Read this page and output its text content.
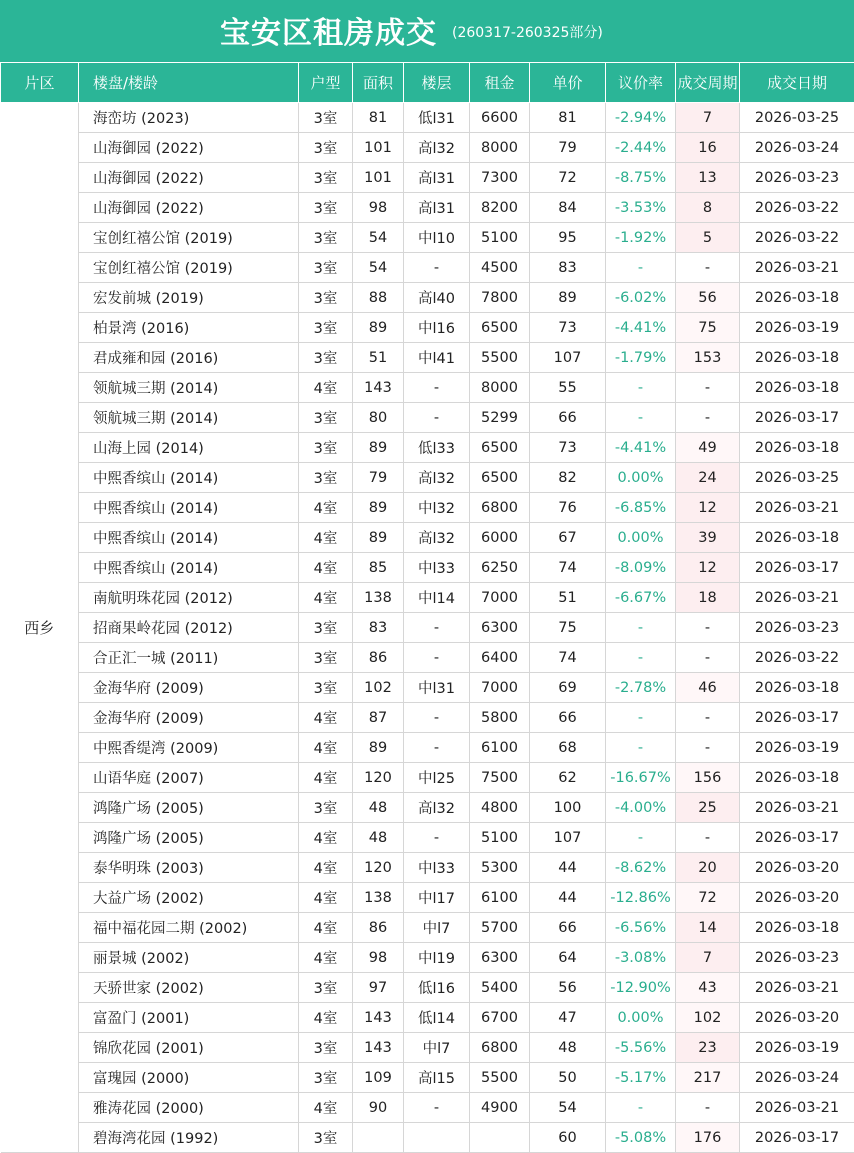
宝安区租房成交 (260317-260325部分)
片区	楼盘/楼龄	户型	面积	楼层	租金	单价	议价率	成交周期	成交日期
西乡	海峦坊 (2023)	3室	81	低l31	6600	81	-2.94%	7	2026-03-25
	山海御园 (2022)	3室	101	高l32	8000	79	-2.44%	16	2026-03-24
	山海御园 (2022)	3室	101	高l31	7300	72	-8.75%	13	2026-03-23
	山海御园 (2022)	3室	98	高l31	8200	84	-3.53%	8	2026-03-22
	宝创红禧公馆 (2019)	3室	54	中l10	5100	95	-1.92%	5	2026-03-22
	宝创红禧公馆 (2019)	3室	54	-	4500	83	-	-	2026-03-21
	宏发前城 (2019)	3室	88	高l40	7800	89	-6.02%	56	2026-03-18
	柏景湾 (2016)	3室	89	中l16	6500	73	-4.41%	75	2026-03-19
	君成雍和园 (2016)	3室	51	中l41	5500	107	-1.79%	153	2026-03-18
	领航城三期 (2014)	4室	143	-	8000	55	-	-	2026-03-18
	领航城三期 (2014)	3室	80	-	5299	66	-	-	2026-03-17
	山海上园 (2014)	3室	89	低l33	6500	73	-4.41%	49	2026-03-18
	中熙香缤山 (2014)	3室	79	高l32	6500	82	0.00%	24	2026-03-25
	中熙香缤山 (2014)	4室	89	中l32	6800	76	-6.85%	12	2026-03-21
	中熙香缤山 (2014)	4室	89	高l32	6000	67	0.00%	39	2026-03-18
	中熙香缤山 (2014)	4室	85	中l33	6250	74	-8.09%	12	2026-03-17
	南航明珠花园 (2012)	4室	138	中l14	7000	51	-6.67%	18	2026-03-21
	招商果岭花园 (2012)	3室	83	-	6300	75	-	-	2026-03-23
	合正汇一城 (2011)	3室	86	-	6400	74	-	-	2026-03-22
	金海华府 (2009)	3室	102	中l31	7000	69	-2.78%	46	2026-03-18
	金海华府 (2009)	4室	87	-	5800	66	-	-	2026-03-17
	中熙香缇湾 (2009)	4室	89	-	6100	68	-	-	2026-03-19
	山语华庭 (2007)	4室	120	中l25	7500	62	-16.67%	156	2026-03-18
	鸿隆广场 (2005)	3室	48	高l32	4800	100	-4.00%	25	2026-03-21
	鸿隆广场 (2005)	4室	48	-	5100	107	-	-	2026-03-17
	泰华明珠 (2003)	4室	120	中l33	5300	44	-8.62%	20	2026-03-20
	大益广场 (2002)	4室	138	中l17	6100	44	-12.86%	72	2026-03-20
	福中福花园二期 (2002)	4室	86	中l7	5700	66	-6.56%	14	2026-03-18
	丽景城 (2002)	4室	98	中l19	6300	64	-3.08%	7	2026-03-23
	天骄世家 (2002)	3室	97	低l16	5400	56	-12.90%	43	2026-03-21
	富盈门 (2001)	4室	143	低l14	6700	47	0.00%	102	2026-03-20
	锦欣花园 (2001)	3室	143	中l7	6800	48	-5.56%	23	2026-03-19
	富瑰园 (2000)	3室	109	高l15	5500	50	-5.17%	217	2026-03-24
	雅涛花园 (2000)	4室	90	-	4900	54	-	-	2026-03-21
	碧海湾花园 (1992)	3室				60	-5.08%	176	2026-03-17
